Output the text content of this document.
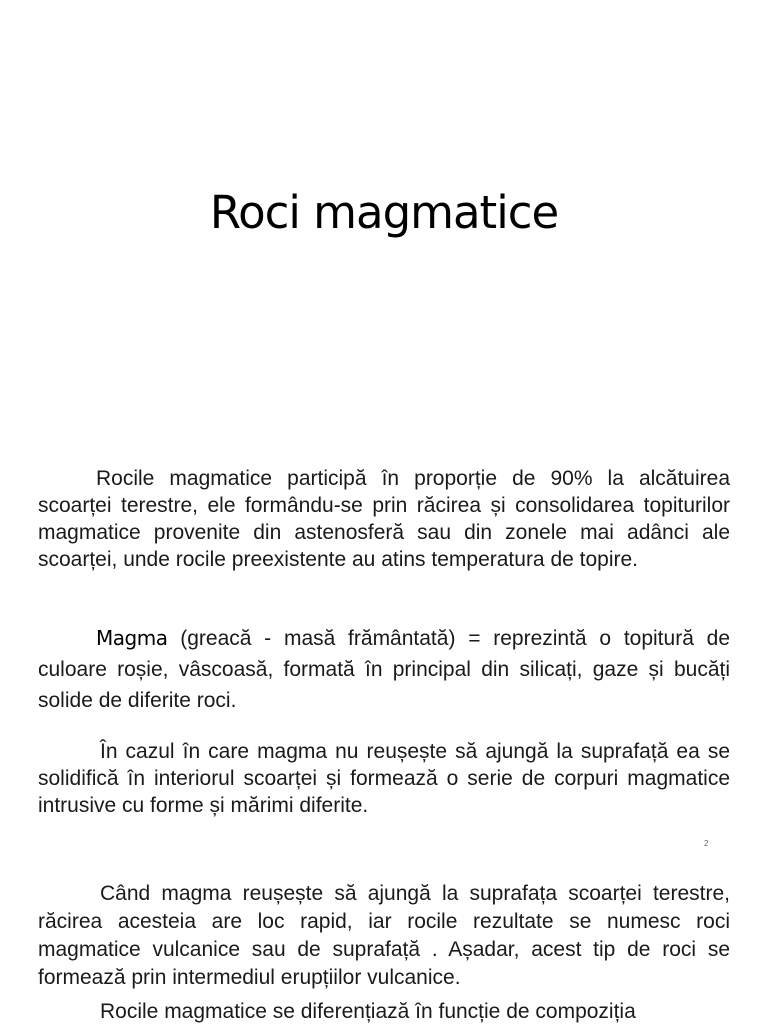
Roci magmatice

Rocile magmatice participă în proporție de 90% la alcătuirea scoarței terestre, ele formându-se prin răcirea și consolidarea topiturilor magmatice provenite din astenosferă sau din zonele mai adânci ale scoarței, unde rocile preexistente au atins temperatura de topire.

Magma (greacă - masă frământată) = reprezintă o topitură de culoare roșie, vâscoasă, formată în principal din silicați, gaze și bucăți solide de diferite roci.

În cazul în care magma nu reușește să ajungă la suprafață ea se solidifică în interiorul scoarței și formează o serie de corpuri magmatice intrusive cu forme și mărimi diferite.

2

Când magma reușește să ajungă la suprafața scoarței terestre, răcirea acesteia are loc rapid, iar rocile rezultate se numesc roci magmatice vulcanice sau de suprafață . Așadar, acest tip de roci se formează prin intermediul erupțiilor vulcanice.

Rocile magmatice se diferențiază în funcție de compoziția
